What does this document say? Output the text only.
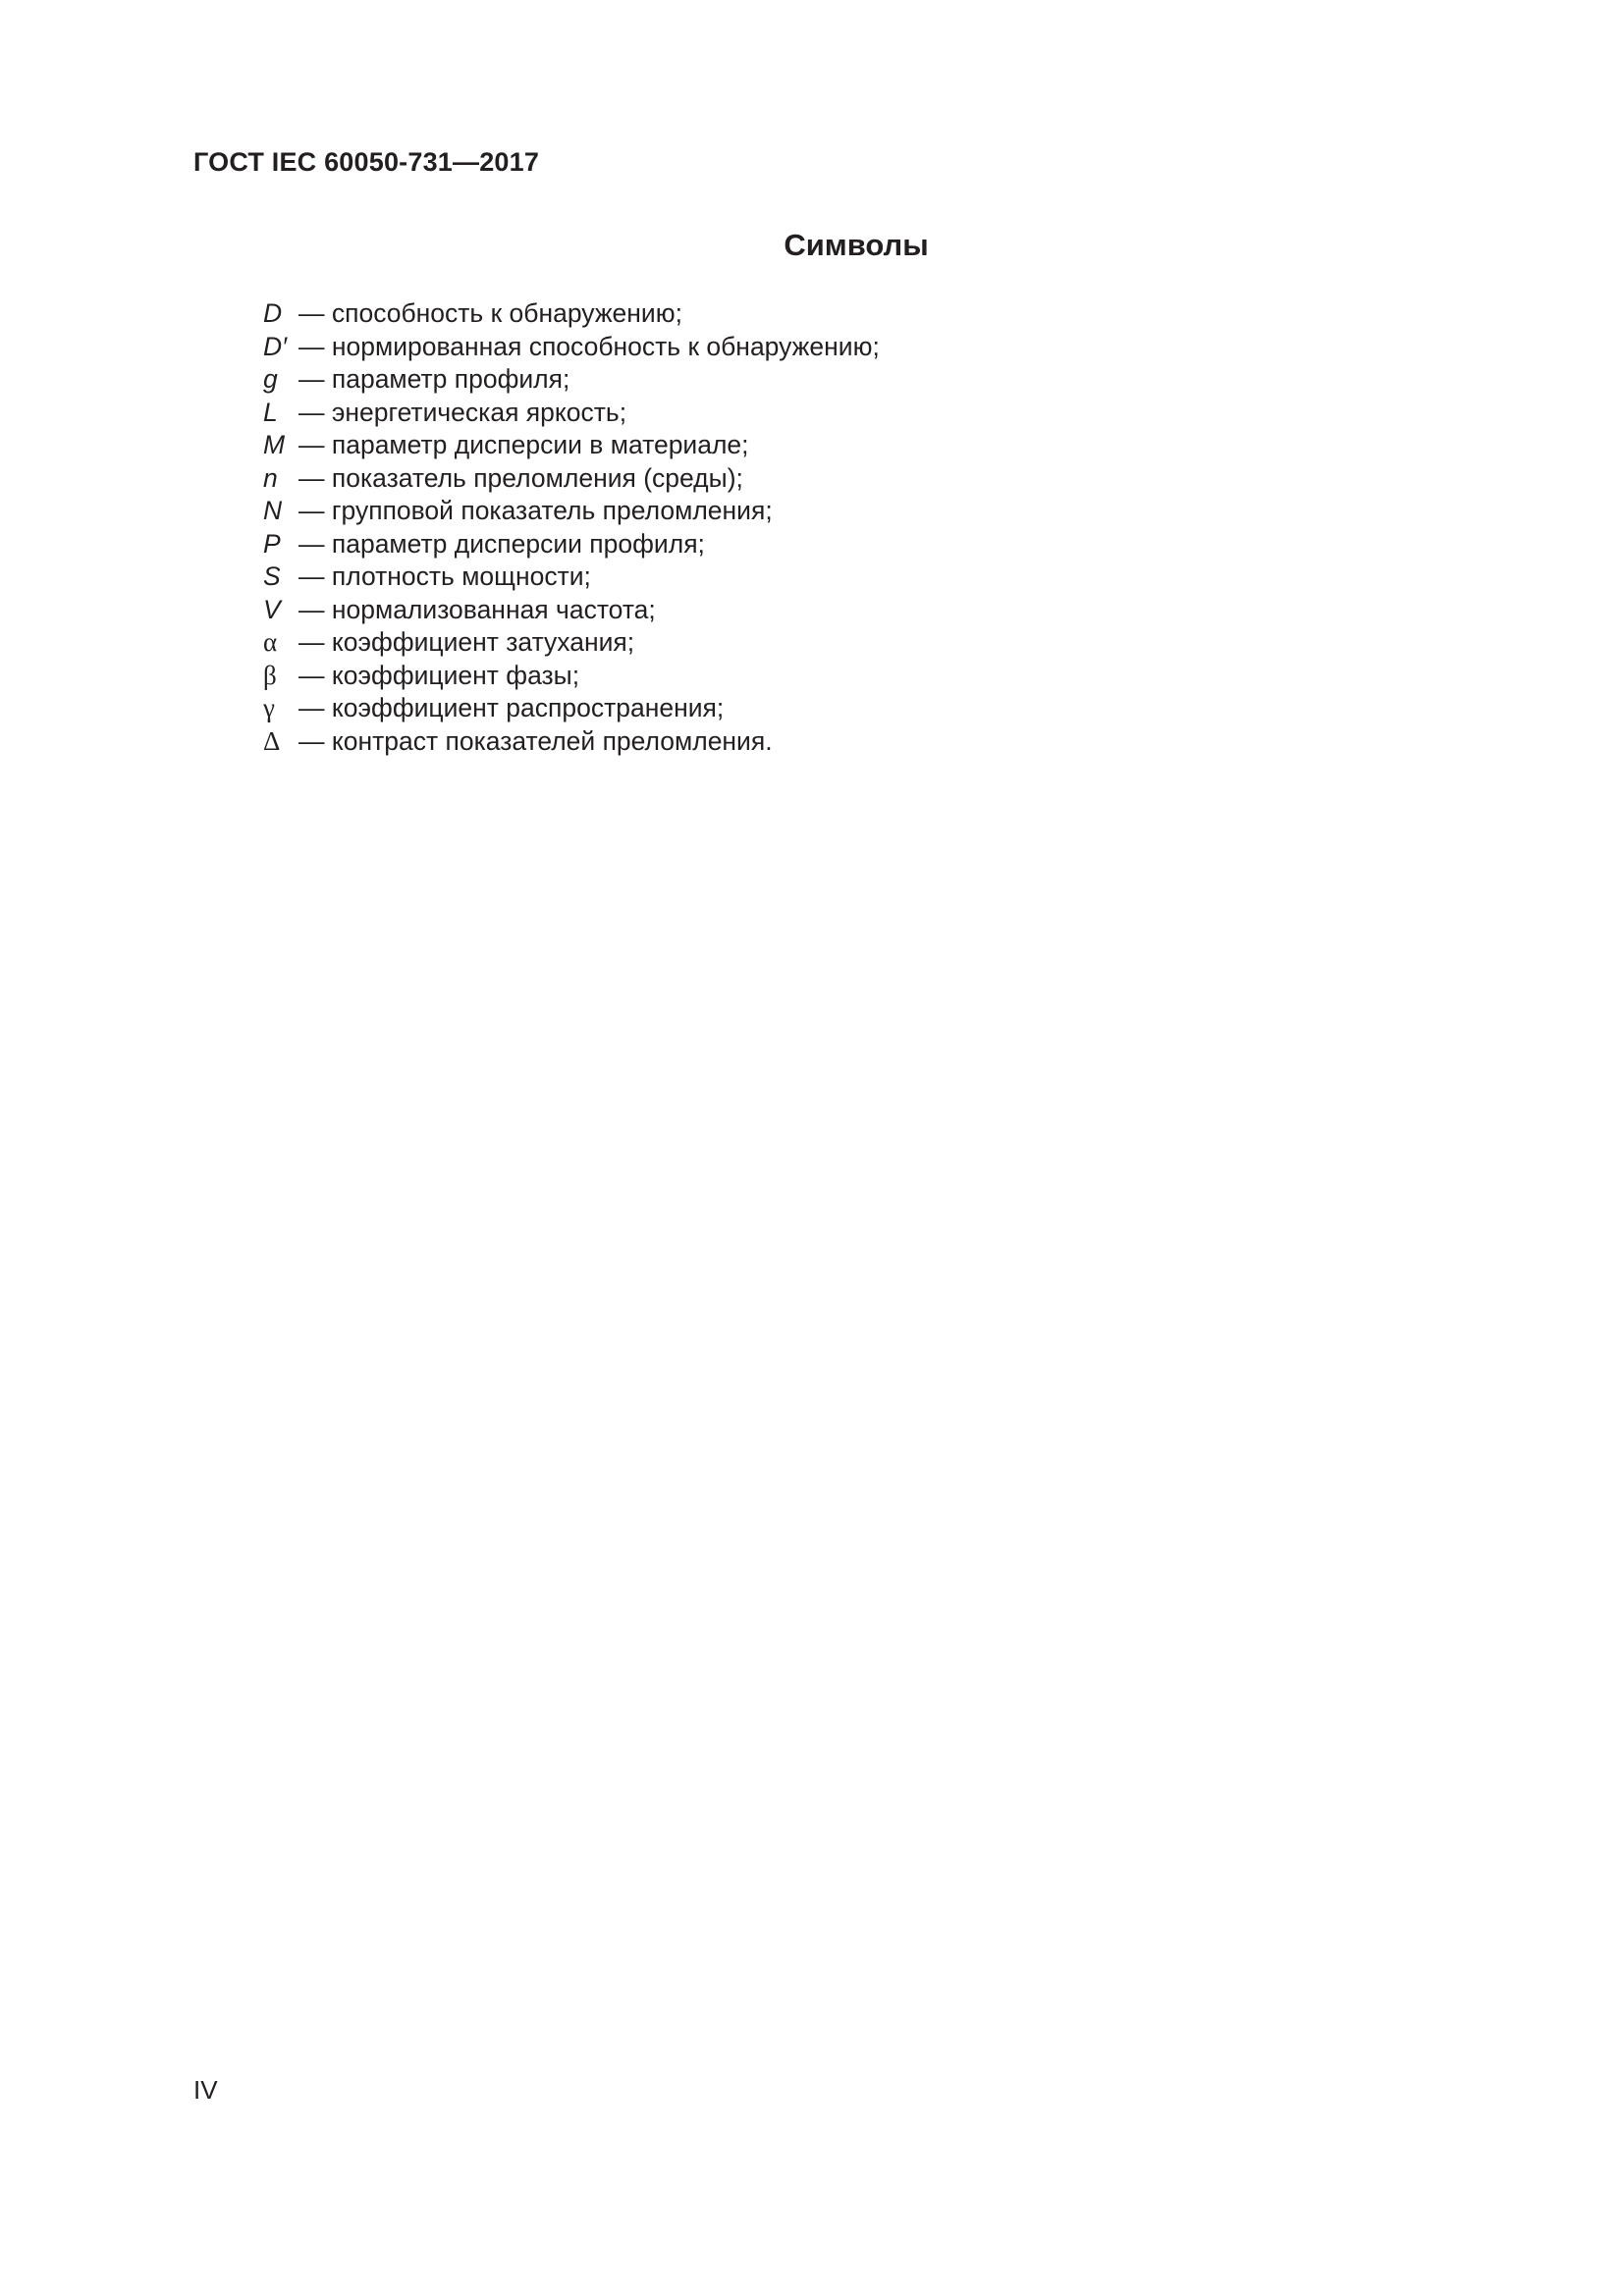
ГОСТ IEC 60050-731—2017
Символы
D — способность к обнаружению;
D′ — нормированная способность к обнаружению;
g — параметр профиля;
L — энергетическая яркость;
M — параметр дисперсии в материале;
n — показатель преломления (среды);
N — групповой показатель преломления;
P — параметр дисперсии профиля;
S — плотность мощности;
V — нормализованная частота;
α — коэффициент затухания;
β — коэффициент фазы;
γ — коэффициент распространения;
Δ — контраст показателей преломления.
IV
